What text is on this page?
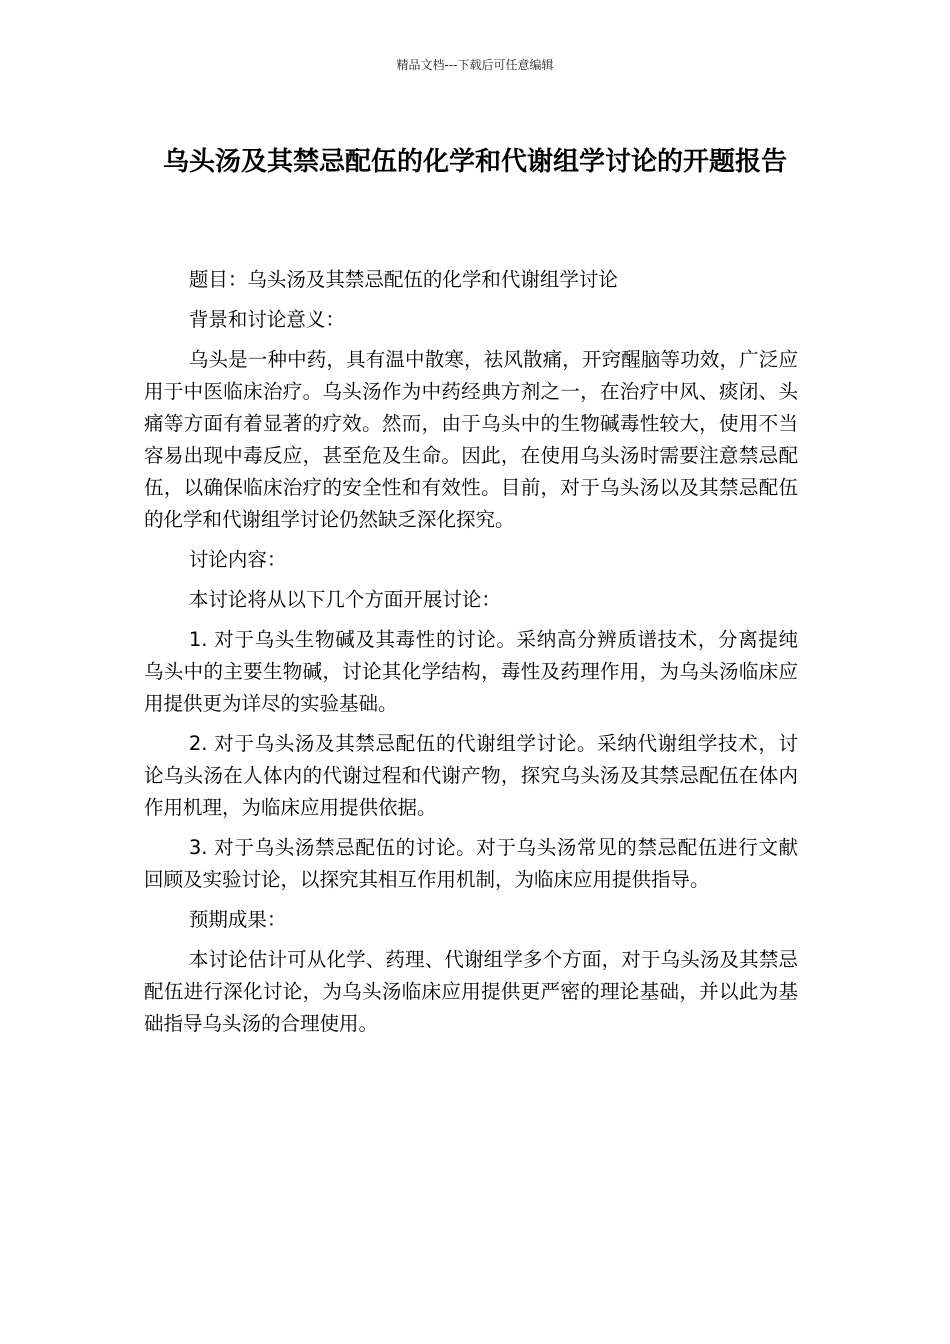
精品文档---下载后可任意编辑
乌头汤及其禁忌配伍的化学和代谢组学讨论的开题报告

题目：乌头汤及其禁忌配伍的化学和代谢组学讨论

背景和讨论意义：

乌头是一种中药，具有温中散寒，祛风散痛，开窍醒脑等功效，广泛应用于中医临床治疗。乌头汤作为中药经典方剂之一，在治疗中风、痰闭、头痛等方面有着显著的疗效。然而，由于乌头中的生物碱毒性较大，使用不当容易出现中毒反应，甚至危及生命。因此，在使用乌头汤时需要注意禁忌配伍，以确保临床治疗的安全性和有效性。目前，对于乌头汤以及其禁忌配伍的化学和代谢组学讨论仍然缺乏深化探究。

讨论内容：

本讨论将从以下几个方面开展讨论：

1. 对于乌头生物碱及其毒性的讨论。采纳高分辨质谱技术，分离提纯乌头中的主要生物碱，讨论其化学结构，毒性及药理作用，为乌头汤临床应用提供更为详尽的实验基础。

2. 对于乌头汤及其禁忌配伍的代谢组学讨论。采纳代谢组学技术，讨论乌头汤在人体内的代谢过程和代谢产物，探究乌头汤及其禁忌配伍在体内作用机理，为临床应用提供依据。

3. 对于乌头汤禁忌配伍的讨论。对于乌头汤常见的禁忌配伍进行文献回顾及实验讨论，以探究其相互作用机制，为临床应用提供指导。

预期成果：

本讨论估计可从化学、药理、代谢组学多个方面，对于乌头汤及其禁忌配伍进行深化讨论，为乌头汤临床应用提供更严密的理论基础，并以此为基础指导乌头汤的合理使用。
